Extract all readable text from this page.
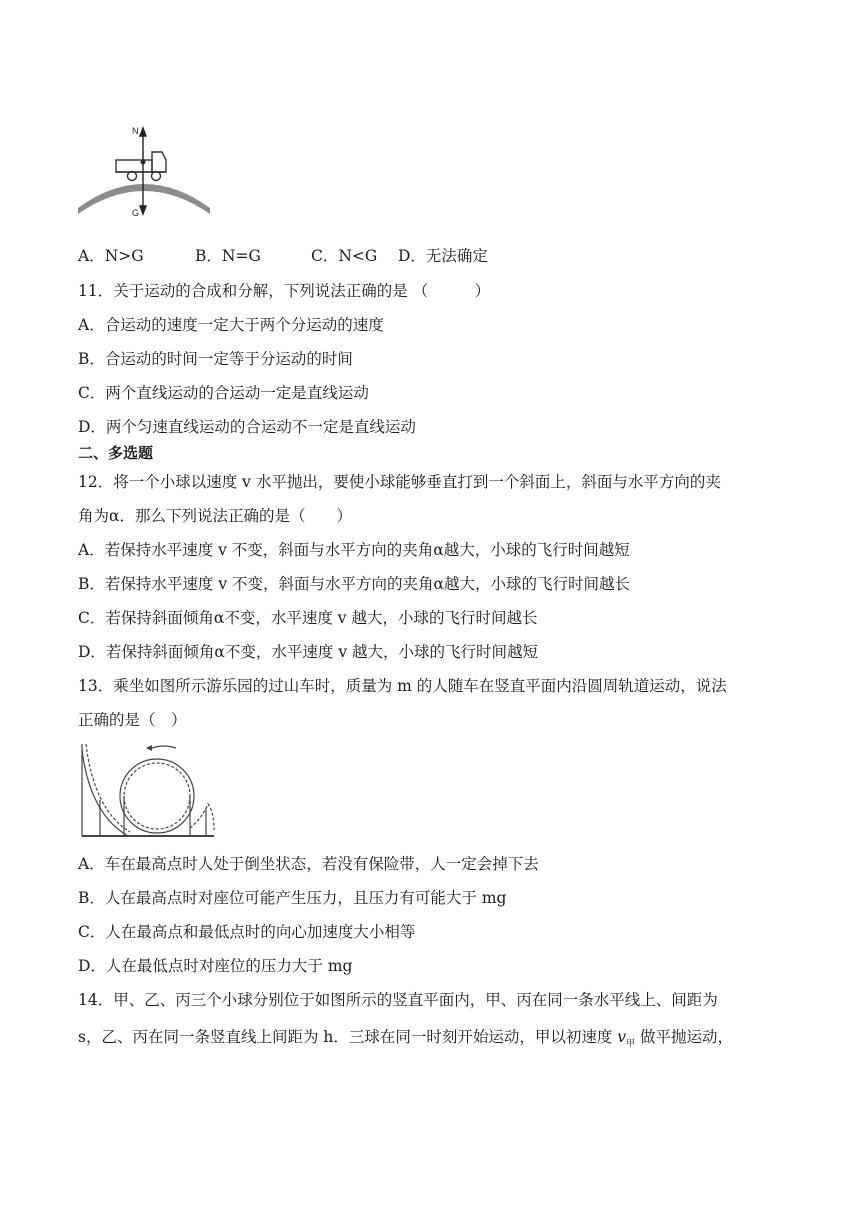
N
G
A．N>G	B．N=G	C．N<G D．无法确定
11．关于运动的合成和分解，下列说法正确的是 （　　　）
A．合运动的速度一定大于两个分运动的速度
B．合运动的时间一定等于分运动的时间
C．两个直线运动的合运动一定是直线运动
D．两个匀速直线运动的合运动不一定是直线运动
二、多选题
12．将一个小球以速度 v 水平抛出，要使小球能够垂直打到一个斜面上，斜面与水平方向的夹
角为α．那么下列说法正确的是（　　）
A．若保持水平速度 v 不变，斜面与水平方向的夹角α越大，小球的飞行时间越短
B．若保持水平速度 v 不变，斜面与水平方向的夹角α越大，小球的飞行时间越长
C．若保持斜面倾角α不变，水平速度 v 越大，小球的飞行时间越长
D．若保持斜面倾角α不变，水平速度 v 越大，小球的飞行时间越短
13．乘坐如图所示游乐园的过山车时，质量为 m 的人随车在竖直平面内沿圆周轨道运动，说法
正确的是（　）
A．车在最高点时人处于倒坐状态，若没有保险带，人一定会掉下去
B．人在最高点时对座位可能产生压力，且压力有可能大于 mg
C．人在最高点和最低点时的向心加速度大小相等
D．人在最低点时对座位的压力大于 mg
14．甲、乙、丙三个小球分别位于如图所示的竖直平面内，甲、丙在同一条水平线上、间距为
s，乙、丙在同一条竖直线上间距为 h．三球在同一时刻开始运动，甲以初速度 $v_甲$ 做平抛运动，
